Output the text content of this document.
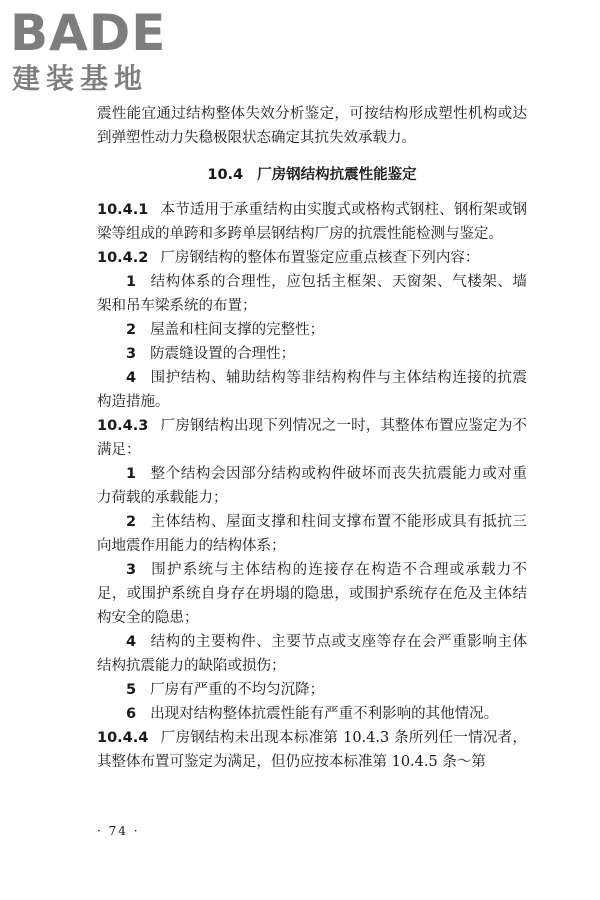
BADE
建装基地

震性能宜通过结构整体失效分析鉴定，可按结构形成塑性机构或达到弹塑性动力失稳极限状态确定其抗失效承载力。

10.4 厂房钢结构抗震性能鉴定

10.4.1 本节适用于承重结构由实腹式或格构式钢柱、钢桁架或钢梁等组成的单跨和多跨单层钢结构厂房的抗震性能检测与鉴定。

10.4.2 厂房钢结构的整体布置鉴定应重点核查下列内容：

1 结构体系的合理性，应包括主框架、天窗架、气楼架、墙架和吊车梁系统的布置；

2 屋盖和柱间支撑的完整性；

3 防震缝设置的合理性；

4 围护结构、辅助结构等非结构构件与主体结构连接的抗震构造措施。

10.4.3 厂房钢结构出现下列情况之一时，其整体布置应鉴定为不满足：

1 整个结构会因部分结构或构件破坏而丧失抗震能力或对重力荷载的承载能力；

2 主体结构、屋面支撑和柱间支撑布置不能形成具有抵抗三向地震作用能力的结构体系；

3 围护系统与主体结构的连接存在构造不合理或承载力不足，或围护系统自身存在坍塌的隐患，或围护系统存在危及主体结构安全的隐患；

4 结构的主要构件、主要节点或支座等存在会严重影响主体结构抗震能力的缺陷或损伤；

5 厂房有严重的不均匀沉降；

6 出现对结构整体抗震性能有严重不利影响的其他情况。

10.4.4 厂房钢结构未出现本标准第 10.4.3 条所列任一情况者，其整体布置可鉴定为满足，但仍应按本标准第 10.4.5 条～第

· 74 ·
